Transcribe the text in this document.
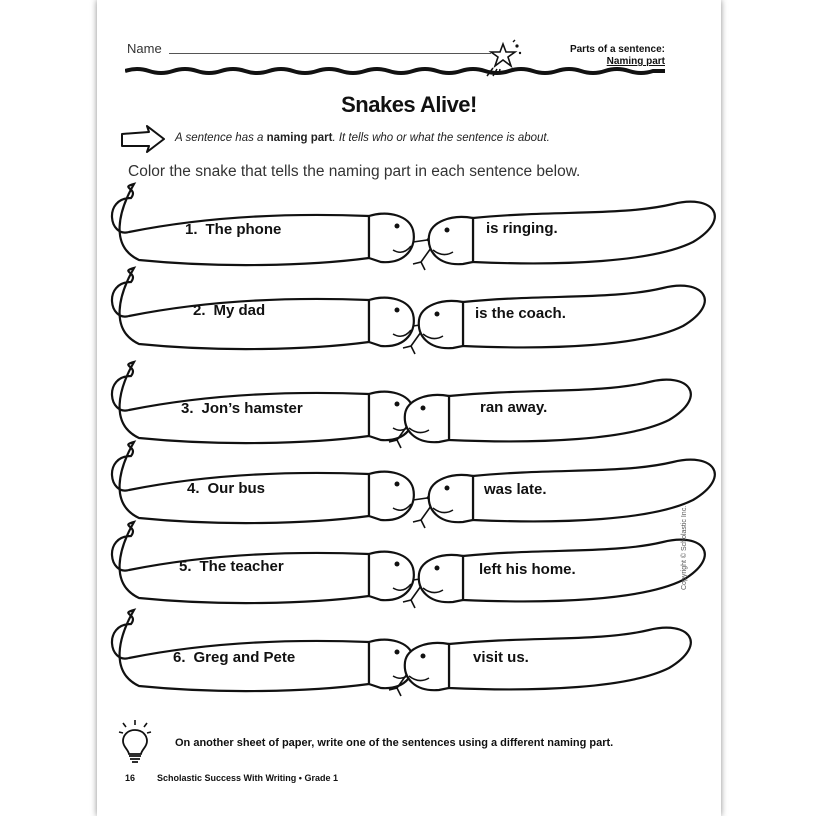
Name	Parts of a sentence:
Naming part
Snakes Alive!
A sentence has a naming part. It tells who or what the sentence is about.
Color the snake that tells the naming part in each sentence below.
1. The phone	is ringing.
2. My dad	is the coach.
3. Jon’s hamster	ran away.
4. Our bus	was late.
5. The teacher	left his home.
6. Greg and Pete	visit us.
Copyright © Scholastic Inc.
On another sheet of paper, write one of the sentences using a different naming part.
16 Scholastic Success With Writing • Grade 1
